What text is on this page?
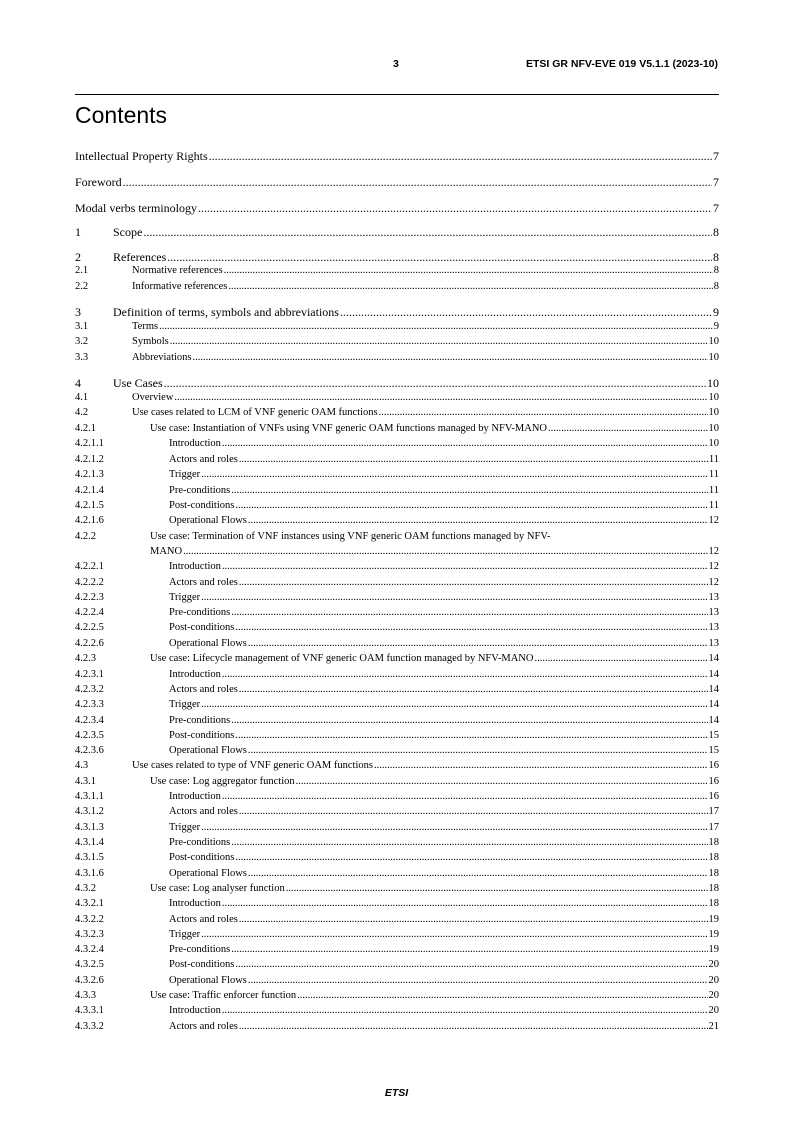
3	ETSI GR NFV-EVE 019 V5.1.1 (2023-10)
Contents
Intellectual Property Rights .....	7
Foreword .....	7
Modal verbs terminology .....	7
1	Scope .....	8
2	References .....	8
2.1	Normative references .....	8
2.2	Informative references .....	8
3	Definition of terms, symbols and abbreviations .....	9
3.1	Terms .....	9
3.2	Symbols .....	10
3.3	Abbreviations .....	10
4	Use Cases .....	10
4.1	Overview .....	10
4.2	Use cases related to LCM of VNF generic OAM functions .....	10
4.2.1	Use case: Instantiation of VNFs using VNF generic OAM functions managed by NFV-MANO .....	10
4.2.1.1	Introduction .....	10
4.2.1.2	Actors and roles .....	11
4.2.1.3	Trigger .....	11
4.2.1.4	Pre-conditions .....	11
4.2.1.5	Post-conditions .....	11
4.2.1.6	Operational Flows .....	12
4.2.2	Use case: Termination of VNF instances using VNF generic OAM functions managed by NFV-
MANO .....	12
4.2.2.1	Introduction .....	12
4.2.2.2	Actors and roles .....	12
4.2.2.3	Trigger .....	13
4.2.2.4	Pre-conditions .....	13
4.2.2.5	Post-conditions .....	13
4.2.2.6	Operational Flows .....	13
4.2.3	Use case: Lifecycle management of VNF generic OAM function managed by NFV-MANO .....	14
4.2.3.1	Introduction .....	14
4.2.3.2	Actors and roles .....	14
4.2.3.3	Trigger .....	14
4.2.3.4	Pre-conditions .....	14
4.2.3.5	Post-conditions .....	15
4.2.3.6	Operational Flows .....	15
4.3	Use cases related to type of VNF generic OAM functions .....	16
4.3.1	Use case: Log aggregator function .....	16
4.3.1.1	Introduction .....	16
4.3.1.2	Actors and roles .....	17
4.3.1.3	Trigger .....	17
4.3.1.4	Pre-conditions .....	18
4.3.1.5	Post-conditions .....	18
4.3.1.6	Operational Flows .....	18
4.3.2	Use case: Log analyser function .....	18
4.3.2.1	Introduction .....	18
4.3.2.2	Actors and roles .....	19
4.3.2.3	Trigger .....	19
4.3.2.4	Pre-conditions .....	19
4.3.2.5	Post-conditions .....	20
4.3.2.6	Operational Flows .....	20
4.3.3	Use case: Traffic enforcer function .....	20
4.3.3.1	Introduction .....	20
4.3.3.2	Actors and roles .....	21
ETSI
